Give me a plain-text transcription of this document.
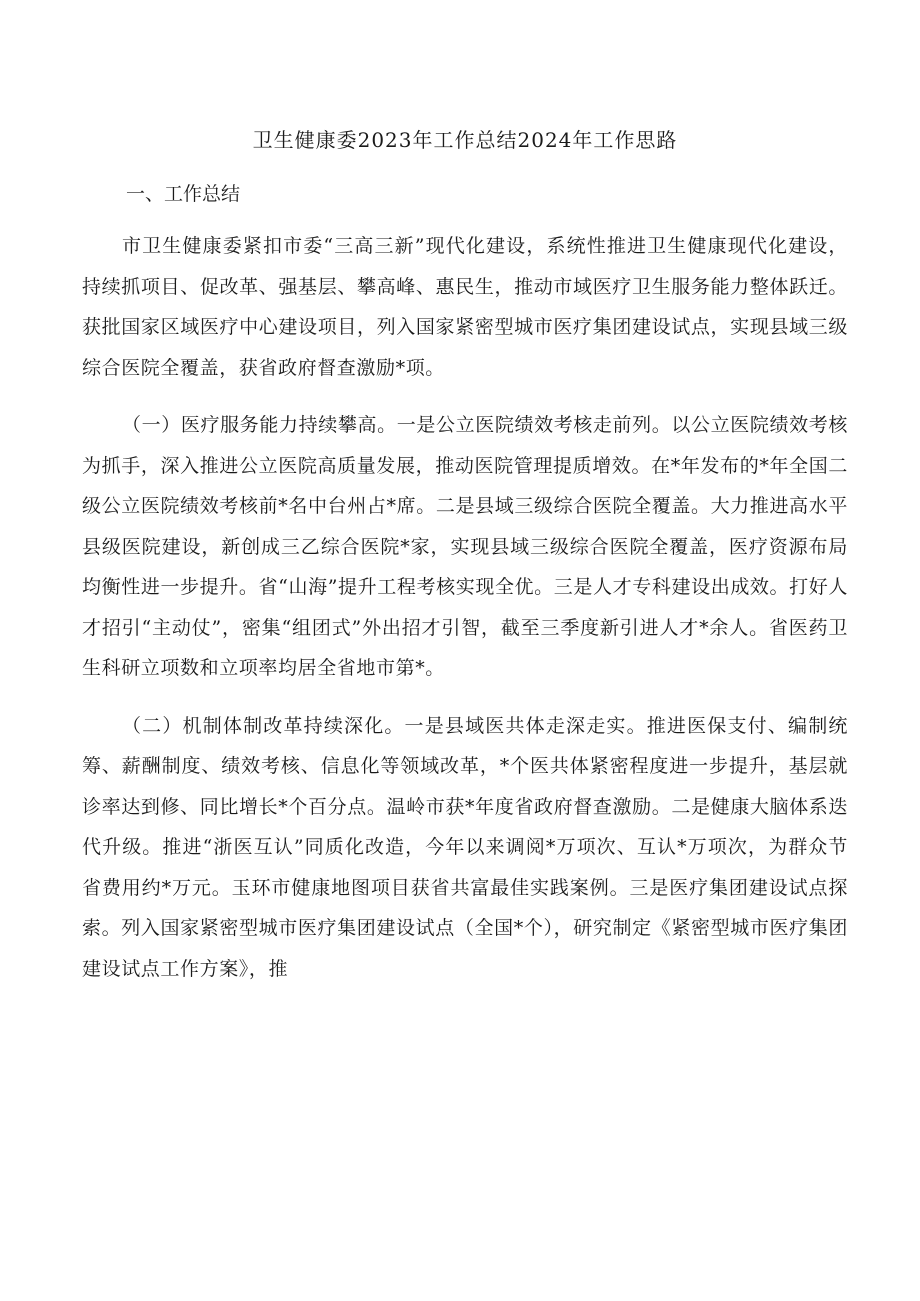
卫生健康委2023年工作总结2024年工作思路
一、工作总结

市卫生健康委紧扣市委“三高三新”现代化建设，系统性推进卫生健康现代化建设，持续抓项目、促改革、强基层、攀高峰、惠民生，推动市域医疗卫生服务能力整体跃迁。获批国家区域医疗中心建设项目，列入国家紧密型城市医疗集团建设试点，实现县域三级综合医院全覆盖，获省政府督查激励*项。

（一）医疗服务能力持续攀高。一是公立医院绩效考核走前列。以公立医院绩效考核为抓手，深入推进公立医院高质量发展，推动医院管理提质增效。在*年发布的*年全国二级公立医院绩效考核前*名中台州占*席。二是县域三级综合医院全覆盖。大力推进高水平县级医院建设，新创成三乙综合医院*家，实现县域三级综合医院全覆盖，医疗资源布局均衡性进一步提升。省“山海”提升工程考核实现全优。三是人才专科建设出成效。打好人才招引“主动仗”，密集“组团式”外出招才引智，截至三季度新引进人才*余人。省医药卫生科研立项数和立项率均居全省地市第*。

（二）机制体制改革持续深化。一是县域医共体走深走实。推进医保支付、编制统筹、薪酬制度、绩效考核、信息化等领域改革，*个医共体紧密程度进一步提升，基层就诊率达到修、同比增长*个百分点。温岭市获*年度省政府督查激励。二是健康大脑体系迭代升级。推进“浙医互认”同质化改造，今年以来调阅*万项次、互认*万项次，为群众节省费用约*万元。玉环市健康地图项目获省共富最佳实践案例。三是医疗集团建设试点探索。列入国家紧密型城市医疗集团建设试点（全国*个），研究制定《紧密型城市医疗集团建设试点工作方案》，推
